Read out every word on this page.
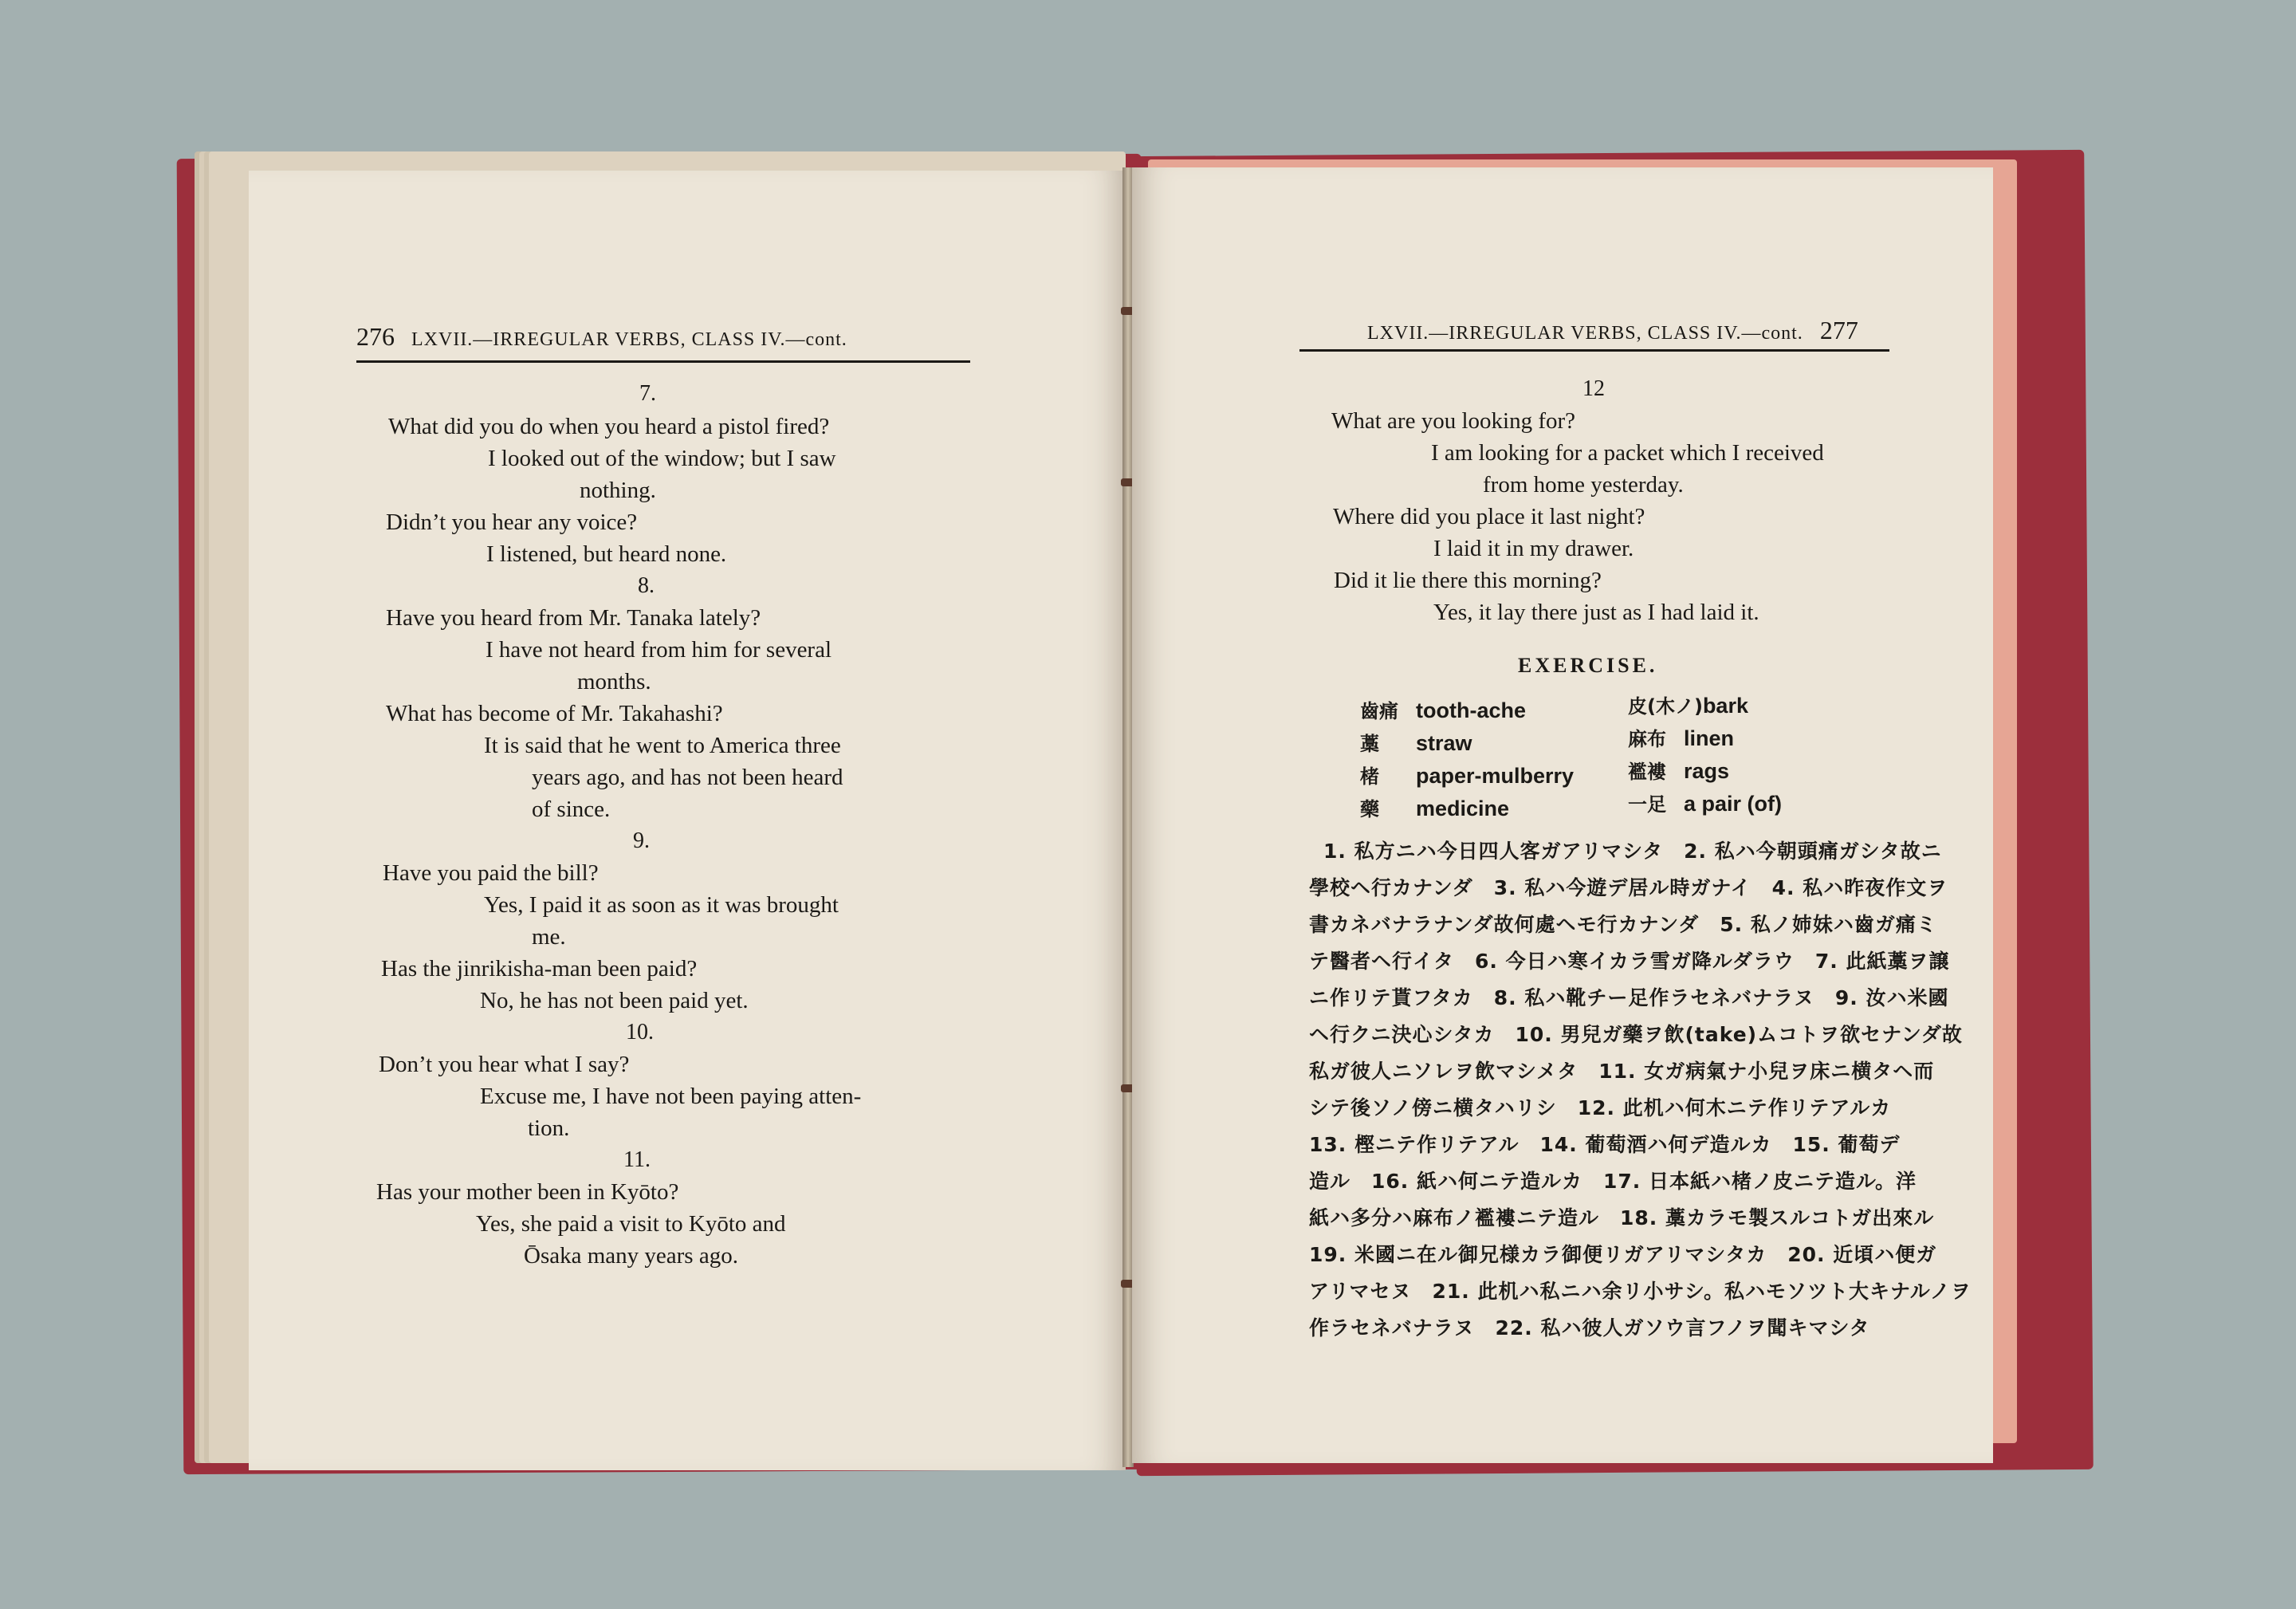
276 LXVII.—IRREGULAR VERBS, CLASS IV.—cont.
7.
What did you do when you heard a pistol fired?
I looked out of the window; but I saw
nothing.
Didn’t you hear any voice?
I listened, but heard none.
8.
Have you heard from Mr. Tanaka lately?
I have not heard from him for several
months.
What has become of Mr. Takahashi?
It is said that he went to America three
years ago, and has not been heard
of since.
9.
Have you paid the bill?
Yes, I paid it as soon as it was brought
me.
Has the jinrikisha-man been paid?
No, he has not been paid yet.
10.
Don’t you hear what I say?
Excuse me, I have not been paying atten-
tion.
11.
Has your mother been in Kyōto?
Yes, she paid a visit to Kyōto and
Ōsaka many years ago.
LXVII.—IRREGULAR VERBS, CLASS IV.—cont. 277
12
What are you looking for?
I am looking for a packet which I received
from home yesterday.
Where did you place it last night?
I laid it in my drawer.
Did it lie there this morning?
Yes, it lay there just as I had laid it.
EXERCISE.
齒痛 tooth-ache	皮(木ノ)bark
藁 straw	麻布 linen
楮 paper-mulberry	襤褸 rags
藥 medicine	一足 a pair (of)
1. 私方ニハ今日四人客ガアリマシタ　2. 私ハ今朝頭痛ガシタ故ニ
學校ヘ行カナンダ　3. 私ハ今遊デ居ル時ガナイ　4. 私ハ昨夜作文ヲ
書カネバナラナンダ故何處ヘモ行カナンダ　5. 私ノ姉妹ハ齒ガ痛ミ
テ醫者ヘ行イタ　6. 今日ハ寒イカラ雪ガ降ルダラウ　7. 此紙藁ヲ譲
ニ作リテ貰フタカ　8. 私ハ靴チー足作ラセネバナラヌ　9. 汝ハ米國
ヘ行クニ決心シタカ　10. 男兒ガ藥ヲ飲(take)ムコトヲ欲セナンダ故
私ガ彼人ニソレヲ飲マシメタ　11. 女ガ病氣ナ小兒ヲ床ニ横タヘ而
シテ後ソノ傍ニ横タハリシ　12. 此机ハ何木ニテ作リテアルカ
13. 樫ニテ作リテアル　14. 葡萄酒ハ何デ造ルカ　15. 葡萄デ
造ル　16. 紙ハ何ニテ造ルカ　17. 日本紙ハ楮ノ皮ニテ造ル。洋
紙ハ多分ハ麻布ノ襤褸ニテ造ル　18. 藁カラモ製スルコトガ出來ル
19. 米國ニ在ル御兄様カラ御便リガアリマシタカ　20. 近頃ハ便ガ
アリマセヌ　21. 此机ハ私ニハ余リ小サシ。私ハモソツト大キナルノヲ
作ラセネバナラヌ　22. 私ハ彼人ガソウ言フノヲ聞キマシタ
